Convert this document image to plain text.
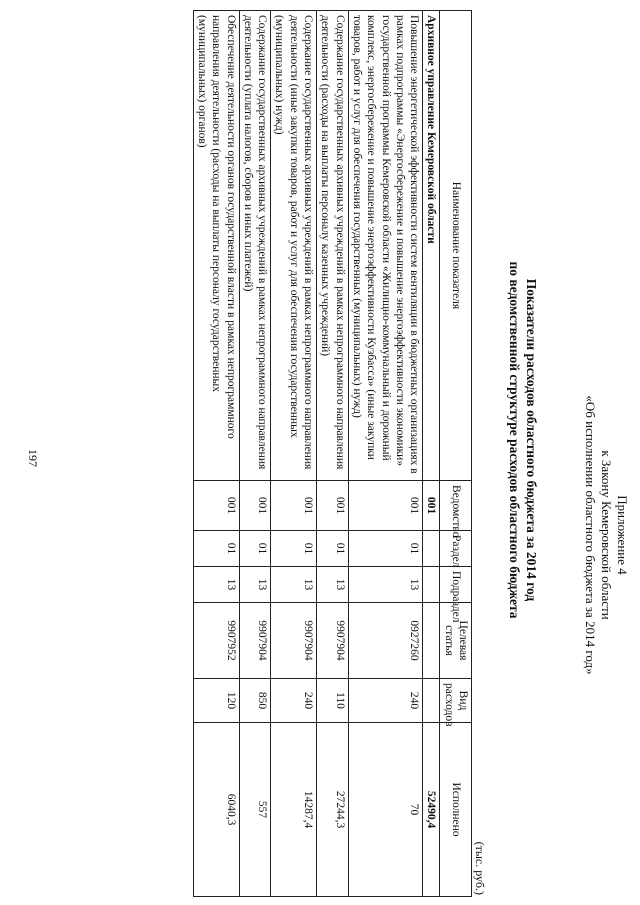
Приложение 4
к Закону Кемеровской области
«Об исполнении областного бюджета за 2014 год»
Показатели расходов областного бюджета за 2014 год
по ведомственной структуре расходов областного бюджета
(тыс. руб.)
Наименование показателя	Ведомство	Раздел	Подраздел	Целевая статья	Вид расходов	Исполнено
Архивное управление Кемеровской области	001					52490,4
Повышение энергетической эффективности систем вентиляции в бюджетных организациях в рамках подпрограммы «Энергосбережение и повышение энергоэффективности экономики» государственной программы Кемеровской области «Жилищно-коммунальный и дорожный комплекс, энергосбережение и повышение энергоэффективности Кузбасса» (иные закупки товаров, работ и услуг для обеспечения государственных (муниципальных) нужд)	001	01	13	0927260	240	70
Содержание государственных архивных учреждений в рамках непрограммного направления деятельности (расходы на выплаты персоналу казенных учреждений)	001	01	13	9907904	110	27244,3
Содержание государственных архивных учреждений в рамках непрограммного направления деятельности (иные закупки товаров, работ и услуг для обеспечения государственных (муниципальных) нужд)	001	01	13	9907904	240	14287,4
Содержание государственных архивных учреждений в рамках непрограммного направления деятельности (уплата налогов, сборов и иных платежей)	001	01	13	9907904	850	557
Обеспечение деятельности органов государственной власти в рамках непрограммного направления деятельности (расходы на выплаты персоналу государственных (муниципальных) органов)	001	01	13	9907952	120	6040,3
197
